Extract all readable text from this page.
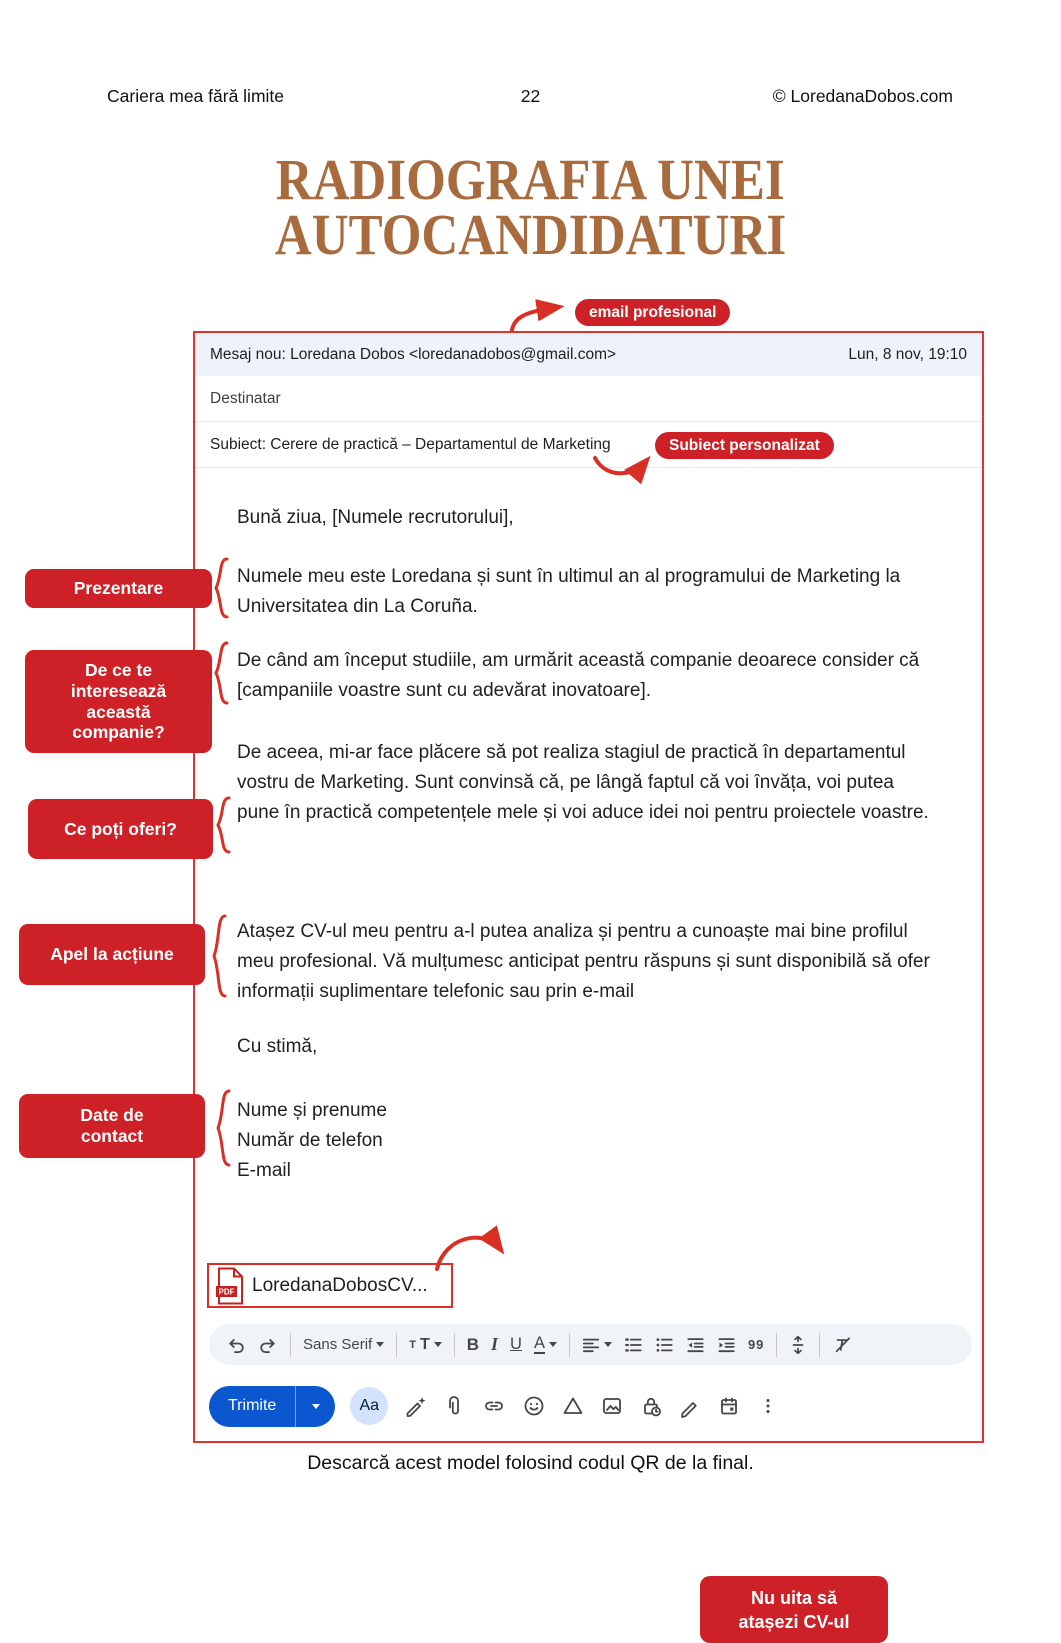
Cariera mea fără limite	22	© LoredanaDobos.com
RADIOGRAFIA UNEI
AUTOCANDIDATURI
email profesional
Mesaj nou: Loredana Dobos <loredanadobos@gmail.com>	Lun, 8 nov, 19:10
Destinatar
Subiect: Cerere de practică – Departamentul de Marketing	Subiect personalizat
Bună ziua, [Numele recrutorului],
Numele meu este Loredana și sunt în ultimul an al programului de Marketing la Universitatea din La Coruña.
De când am început studiile, am urmărit această companie deoarece consider că [campaniile voastre sunt cu adevărat inovatoare].
De aceea, mi-ar face plăcere să pot realiza stagiul de practică în departamentul vostru de Marketing. Sunt convinsă că, pe lângă faptul că voi învăța, voi putea pune în practică competențele mele și voi aduce idei noi pentru proiectele voastre.
Atașez CV-ul meu pentru a-l putea analiza și pentru a cunoaște mai bine profilul meu profesional. Vă mulțumesc anticipat pentru răspuns și sunt disponibilă să ofer informații suplimentare telefonic sau prin e-mail
Cu stimă,
Nume și prenume
Număr de telefon
E-mail
PDF LoredanaDobosCV...
Nu uita să atașezi CV-ul
Sans Serif	T T B I U A	99
Trimite	Aa
Prezentare
De ce te interesează această companie?
Ce poți oferi?
Apel la acțiune
Date de contact
Descarcă acest model folosind codul QR de la final.
